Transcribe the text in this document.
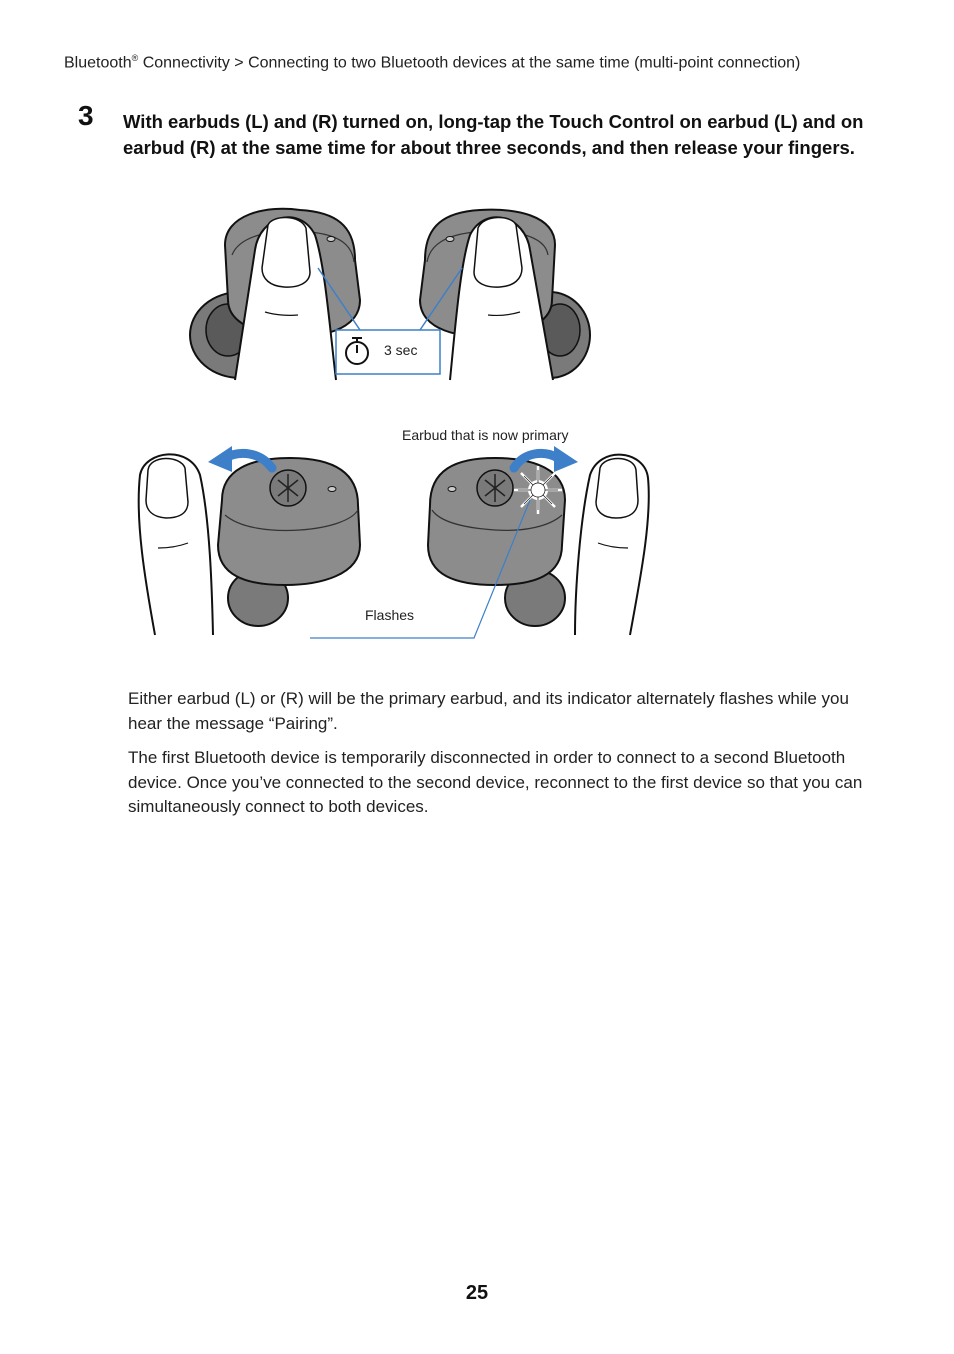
Bluetooth® Connectivity > Connecting to two Bluetooth devices at the same time (multi-point connection)
3 With earbuds (L) and (R) turned on, long-tap the Touch Control on earbud (L) and on earbud (R) at the same time for about three seconds, and then release your fingers.
3 sec
Earbud that is now primary
Flashes

Either earbud (L) or (R) will be the primary earbud, and its indicator alternately flashes while you hear the message “Pairing”.

The first Bluetooth device is temporarily disconnected in order to connect to a second Bluetooth device. Once you’ve connected to the second device, reconnect to the first device so that you can simultaneously connect to both devices.

25
